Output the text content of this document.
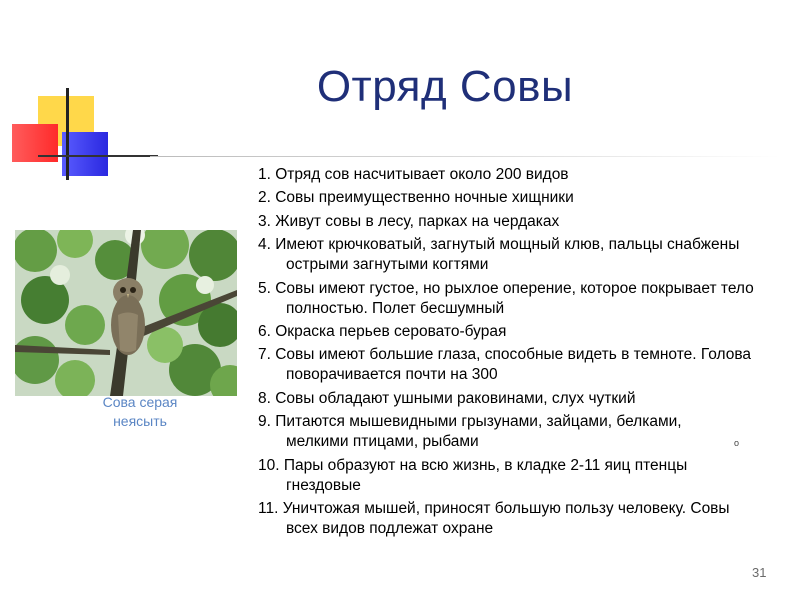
Отряд Совы
Сова серая
неясыть
1. Отряд сов насчитывает около 200 видов
2. Совы преимущественно ночные хищники
3. Живут совы в лесу, парках на чердаках
4. Имеют крючковатый, загнутый мощный клюв, пальцы снабжены острыми загнутыми когтями
5. Совы имеют густое, но рыхлое оперение, которое покрывает тело полностью. Полет бесшумный
6. Окраска перьев серовато-бурая
7. Совы имеют большие глаза, способные видеть в темноте. Голова поворачивается почти на 300
8. Совы обладают ушными раковинами, слух чуткий
9. Питаются мышевидными грызунами, зайцами, белками, мелкими птицами, рыбами
10. Пары образуют на всю жизнь, в кладке 2-11 яиц птенцы гнездовые
11. Уничтожая мышей, приносят большую пользу человеку. Совы всех видов подлежат охране
о
31
